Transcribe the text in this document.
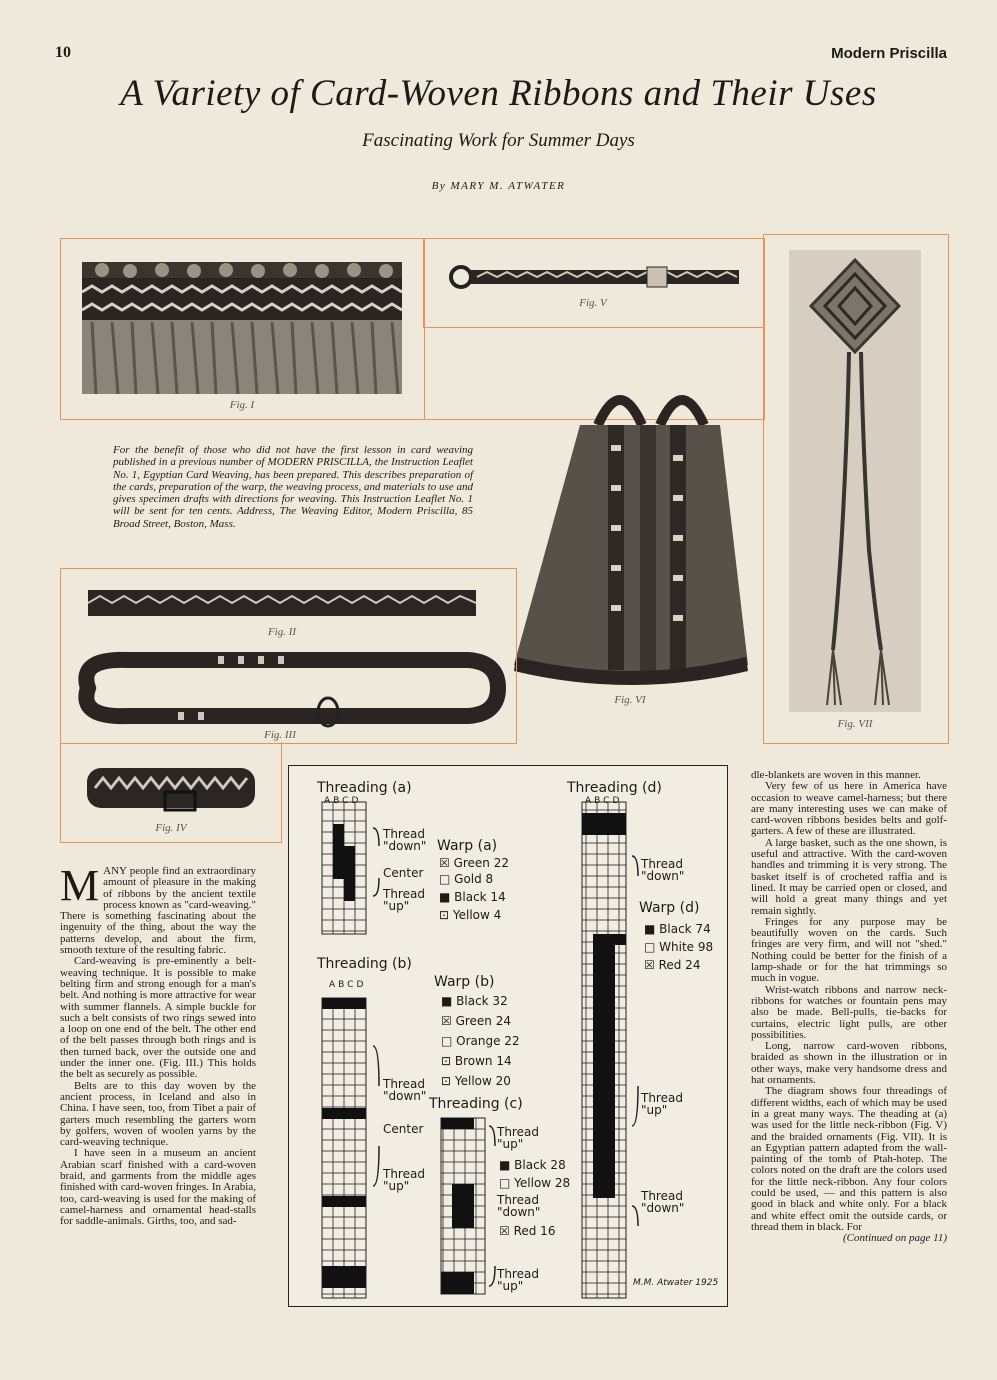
10	Modern Priscilla
A Variety of Card-Woven Ribbons and Their Uses
Fascinating Work for Summer Days
By MARY M. ATWATER
Fig. I
Fig. V
Fig. VII
For the benefit of those who did not have the first lesson in card weaving published in a previous number of MODERN PRISCILLA, the Instruction Leaflet No. 1, Egyptian Card Weaving, has been prepared. This describes preparation of the cards, preparation of the warp, the weaving process, and materials to use and gives specimen drafts with directions for weaving. This Instruction Leaflet No. 1 will be sent for ten cents. Address, The Weaving Editor, Modern Priscilla, 85 Broad Street, Boston, Mass.
Fig. VI
Fig. II
Fig. III
Fig. IV

MANY people find an extraordinary amount of pleasure in the making of ribbons by the ancient textile process known as "card-weaving." There is something fascinating about the ingenuity of the thing, about the way the patterns develop, and about the firm, smooth texture of the resulting fabric.

Card-weaving is pre-eminently a belt-weaving technique. It is possible to make belting firm and strong enough for a man's belt. And nothing is more attractive for wear with summer flannels. A simple buckle for such a belt consists of two rings sewed into a loop on one end of the belt. The other end of the belt passes through both rings and is then turned back, over the outside one and under the inner one. (Fig. III.) This holds the belt as securely as possible.

Belts are to this day woven by the ancient process, in Iceland and also in China. I have seen, too, from Tibet a pair of garters much resembling the garters worn by golfers, woven of woolen yarns by the card-weaving technique.

I have seen in a museum an ancient Arabian scarf finished with a card-woven braid, and garments from the middle ages finished with card-woven fringes. In Arabia, too, card-weaving is used for the making of camel-harness and ornamental head-stalls for saddle-animals. Girths, too, and sad-

Threading (a)
ABCD
Thread "down"
Center
Thread "up"
Warp (a)
☒ Green 22
□ Gold 8
■ Black 14
⊡ Yellow 4
Threading (b)
ABCD	Warp (b)
■ Black 32
☒ Green 24
□ Orange 22
⊡ Brown 14
⊡ Yellow 20
Thread "down"
Center
Thread "up"
Threading (c)
Thread "up"
■ Black 28
□ Yellow 28
Thread "down"
☒ Red 16
Thread "up"
Threading (d)
ABCD
Thread "down"
Warp (d)
■ Black 74
□ White 98
☒ Red 24
Thread "up"
Thread "down"
M.M. Atwater 1925

dle-blankets are woven in this manner.

Very few of us here in America have occasion to weave camel-harness; but there are many interesting uses we can make of card-woven ribbons besides belts and golf-garters. A few of these are illustrated.

A large basket, such as the one shown, is useful and attractive. With the card-woven handles and trimming it is very strong. The basket itself is of crocheted raffia and is lined. It may be carried open or closed, and will hold a great many things and yet remain sightly.

Fringes for any purpose may be beautifully woven on the cards. Such fringes are very firm, and will not "shed." Nothing could be better for the finish of a lamp-shade or for the hat trimmings so much in vogue.

Wrist-watch ribbons and narrow neck-ribbons for watches or fountain pens may also be made. Bell-pulls, tie-backs for curtains, electric light pulls, are other possibilities.

Long, narrow card-woven ribbons, braided as shown in the illustration or in other ways, make very handsome dress and hat ornaments.

The diagram shows four threadings of different widths, each of which may be used in a great many ways. The theading at (a) was used for the little neck-ribbon (Fig. V) and the braided ornaments (Fig. VII). It is an Egyptian pattern adapted from the wall-painting of the tomb of Ptah-hotep. The colors noted on the draft are the colors used for the little neck-ribbon. Any four colors could be used, — and this pattern is also good in black and white only. For a black and white effect omit the outside cards, or thread them in black. For

(Continued on page 11)
